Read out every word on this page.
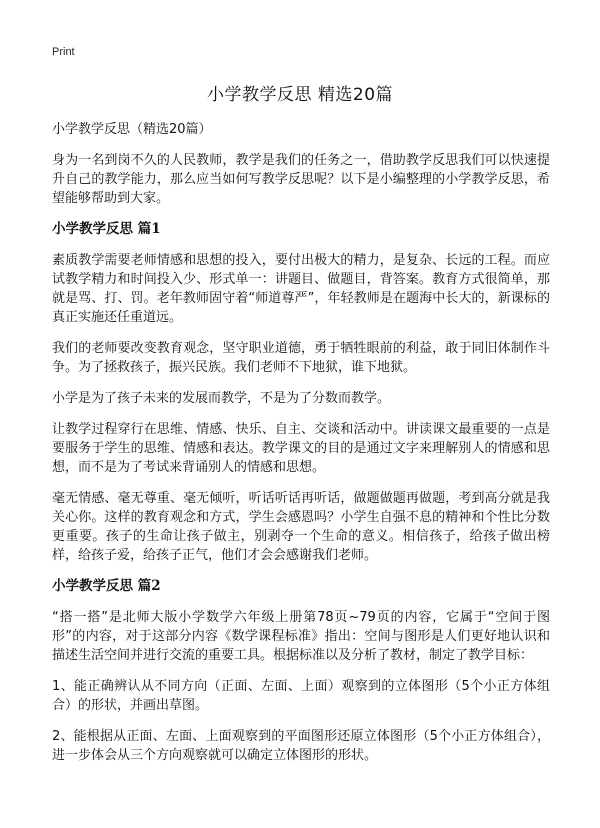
Print
小学教学反思 精选20篇

小学教学反思（精选20篇）

身为一名到岗不久的人民教师，教学是我们的任务之一，借助教学反思我们可以快速提升自己的教学能力，那么应当如何写教学反思呢？以下是小编整理的小学教学反思，希望能够帮助到大家。

小学教学反思 篇1

素质教学需要老师情感和思想的投入，要付出极大的精力，是复杂、长远的工程。而应试教学精力和时间投入少、形式单一：讲题目、做题目，背答案。教育方式很简单，那就是骂、打、罚。老年教师固守着“师道尊严”，年轻教师是在题海中长大的，新课标的真正实施还任重道远。

我们的老师要改变教育观念，坚守职业道德，勇于牺牲眼前的利益，敢于同旧体制作斗争。为了拯救孩子，振兴民族。我们老师不下地狱，谁下地狱。

小学是为了孩子未来的发展而教学，不是为了分数而教学。

让教学过程穿行在思维、情感、快乐、自主、交谈和活动中。讲读课文最重要的一点是要服务于学生的思维、情感和表达。教学课文的目的是通过文字来理解别人的情感和思想，而不是为了考试来背诵别人的情感和思想。

毫无情感、毫无尊重、毫无倾听，听话听话再听话，做题做题再做题，考到高分就是我关心你。这样的教育观念和方式，学生会感恩吗？小学生自强不息的精神和个性比分数更重要。孩子的生命让孩子做主，别剥夺一个生命的意义。相信孩子，给孩子做出榜样，给孩子爱，给孩子正气，他们才会会感谢我们老师。

小学教学反思 篇2

“搭一搭”是北师大版小学数学六年级上册第78页~79页的内容，它属于“空间于图形”的内容，对于这部分内容《数学课程标准》指出：空间与图形是人们更好地认识和描述生活空间并进行交流的重要工具。根据标准以及分析了教材，制定了教学目标：

1、能正确辨认从不同方向（正面、左面、上面）观察到的立体图形（5个小正方体组合）的形状，并画出草图。

2、能根据从正面、左面、上面观察到的平面图形还原立体图形（5个小正方体组合），进一步体会从三个方向观察就可以确定立体图形的形状。
